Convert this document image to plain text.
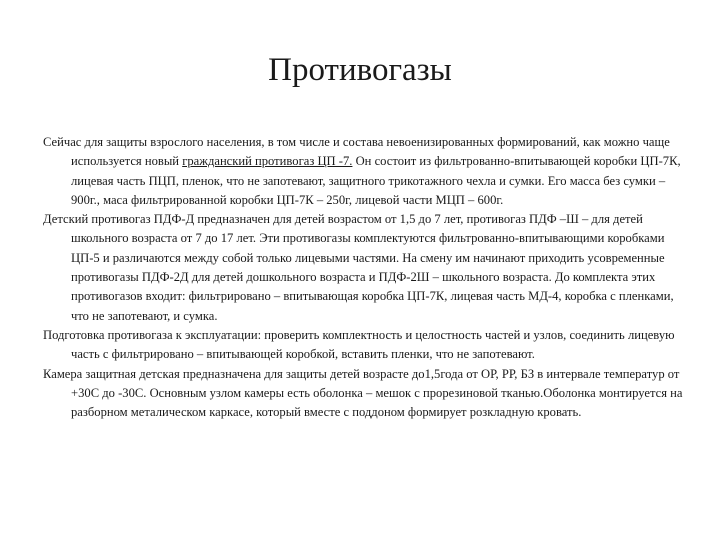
Противогазы

Сейчас для защиты взрослого населения, в том числе и состава невоенизированных формирований, как можно чаще используется новый гражданский противогаз ЦП -7. Он состоит из фильтрованно-впитывающей коробки ЦП-7К, лицевая часть ПЦП, пленок, что не запотевают, защитного трикотажного чехла и сумки. Его масса без сумки – 900г., маса фильтрированной коробки ЦП-7К – 250г, лицевой части МЦП – 600г.

Детский противогаз ПДФ-Д предназначен для детей возрастом от 1,5 до 7 лет, противогаз ПДФ –Ш – для детей школьного возраста от 7 до 17 лет. Эти противогазы комплектуются фильтрованно-впитывающими коробками ЦП-5 и различаются между собой только лицевыми частями. На смену им начинают приходить усовременные противогазы ПДФ-2Д для детей дошкольного возраста и ПДФ-2Ш – школьного возраста. До комплекта этих противогазов входит: фильтрировано – впитывающая коробка ЦП-7К, лицевая часть МД-4, коробка с пленками, что не запотевают, и сумка.

Подготовка противогаза к эксплуатации: проверить комплектность и целостность частей и узлов, соединить лицевую часть с фильтрировано – впитывающей коробкой, вставить пленки, что не запотевают.

Камера защитная детская предназначена для защиты детей возрасте до1,5года от ОР, РР, БЗ в интервале температур от +30С до -30С. Основным узлом камеры есть оболонка – мешок с прорезиновой тканью.Оболонка монтируется на разборном металическом каркасе, который вместе с поддоном формирует розкладную кровать.
